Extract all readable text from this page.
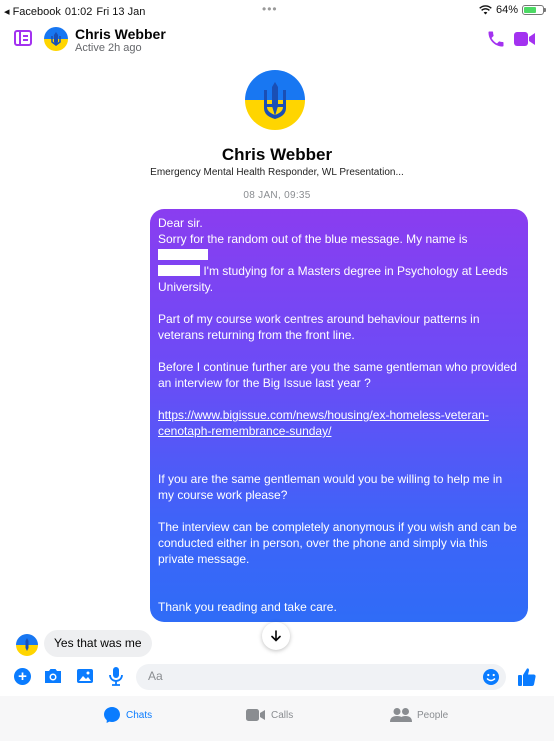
◂ Facebook 01:02 Fri 13 Jan	•••	64%
Chris Webber
Active 2h ago
Chris Webber
Emergency Mental Health Responder, WL Presentation...
08 JAN, 09:35

Dear sir.

Sorry for the random out of the blue message. My name is
I'm studying for a Masters degree in Psychology at Leeds University.

Part of my course work centres around behaviour patterns in veterans returning from the front line.

Before I continue further are you the same gentleman who provided an interview for the Big Issue last year ?

https://www.bigissue.com/news/housing/ex-homeless-veteran-cenotaph-remembrance-sunday/

If you are the same gentleman would you be willing to help me in my course work please?

The interview can be completely anonymous if you wish and can be conducted either in person, over the phone and simply via this private message.

Thank you reading and take care.

x

Yes that was me
+
Aa
Chats	Calls	People
